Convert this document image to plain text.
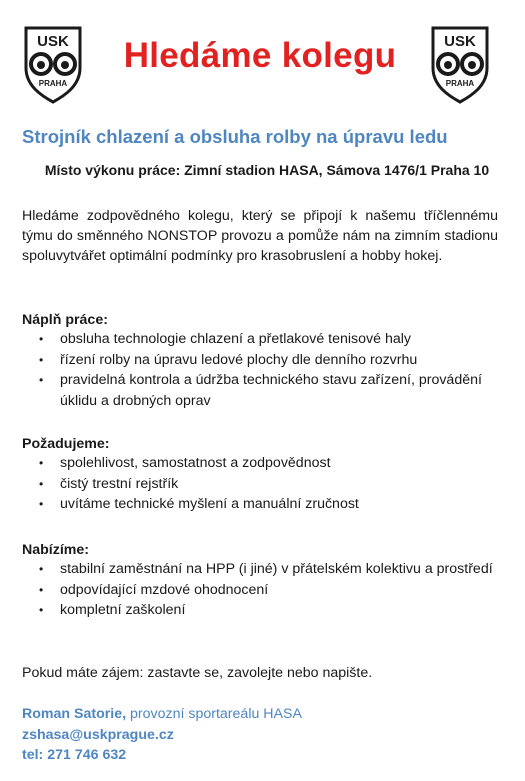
USK
PRAHA
Hledáme kolegu	USK
PRAHA
Strojník chlazení a obsluha rolby na úpravu ledu

Místo výkonu práce: Zimní stadion HASA, Sámova 1476/1 Praha 10

Hledáme zodpovědného kolegu, který se připojí k našemu tříčlennému týmu do směnného NONSTOP provozu a pomůže nám na zimním stadionu spoluvytvářet optimální podmínky pro krasobruslení a hobby hokej.

Náplň práce:
• obsluha technologie chlazení a přetlakové tenisové haly
• řízení rolby na úpravu ledové plochy dle denního rozvrhu
• pravidelná kontrola a údržba technického stavu zařízení, provádění úklidu a drobných oprav
Požadujeme:
• spolehlivost, samostatnost a zodpovědnost
• čistý trestní rejstřík
• uvítáme technické myšlení a manuální zručnost
Nabízíme:
• stabilní zaměstnání na HPP (i jiné) v přátelském kolektivu a prostředí
• odpovídající mzdové ohodnocení
• kompletní zaškolení

Pokud máte zájem: zastavte se, zavolejte nebo napište.

Roman Satorie, provozní sportareálu HASA
zshasa@uskprague.cz
tel: 271 746 632
